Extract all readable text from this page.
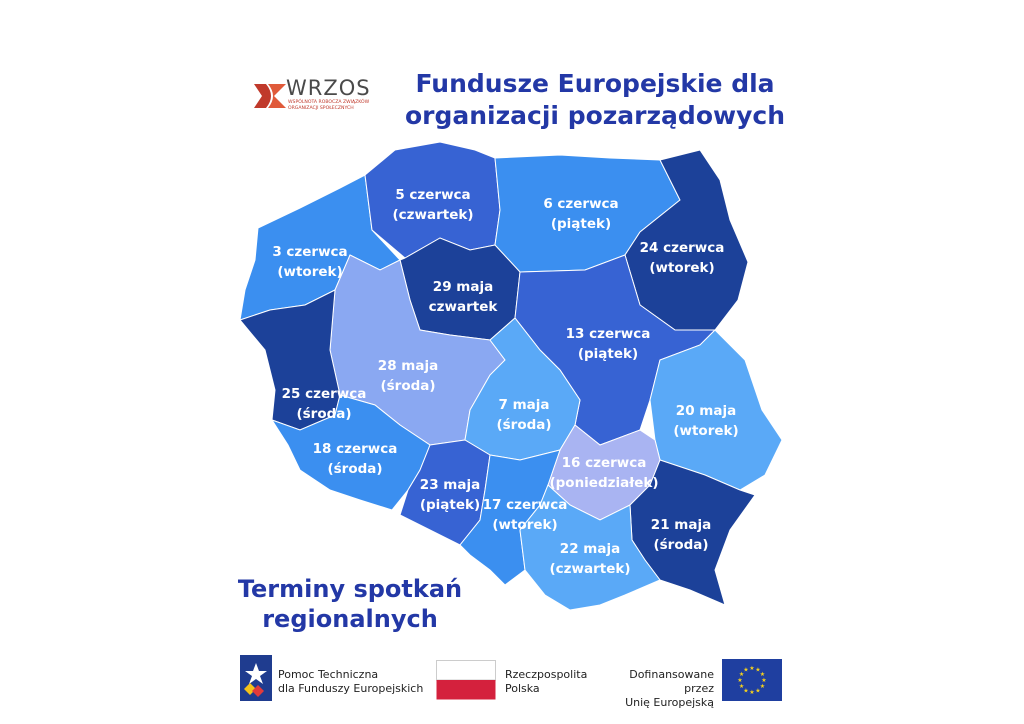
WRZOS
WSPÓLNOTA ROBOCZA ZWIĄZKÓW ORGANIZACJI SPOŁECZNYCH
Fundusze Europejskie dla
organizacji pozarządowych
5 czerwca
(czwartek)
6 czerwca
(piątek)
24 czerwca
(wtorek)
3 czerwca
(wtorek)
29 maja
czwartek
13 czerwca
(piątek)
28 maja
(środa)
25 czerwca
(środa)
7 maja
(środa)
20 maja
(wtorek)
18 czerwca
(środa)	16 czerwca
(poniedziałek)
23 maja
(piątek) 17 czerwca
(wtorek)	21 maja
(środa)
22 maja
(czwartek)
Terminy spotkań
regionalnych
Pomoc Techniczna
dla Funduszy Europejskich
Rzeczpospolita
Polska
Dofinansowane przez
Unię Europejską
★ ★
★
★
★
★
★
★
★
★
★
★
